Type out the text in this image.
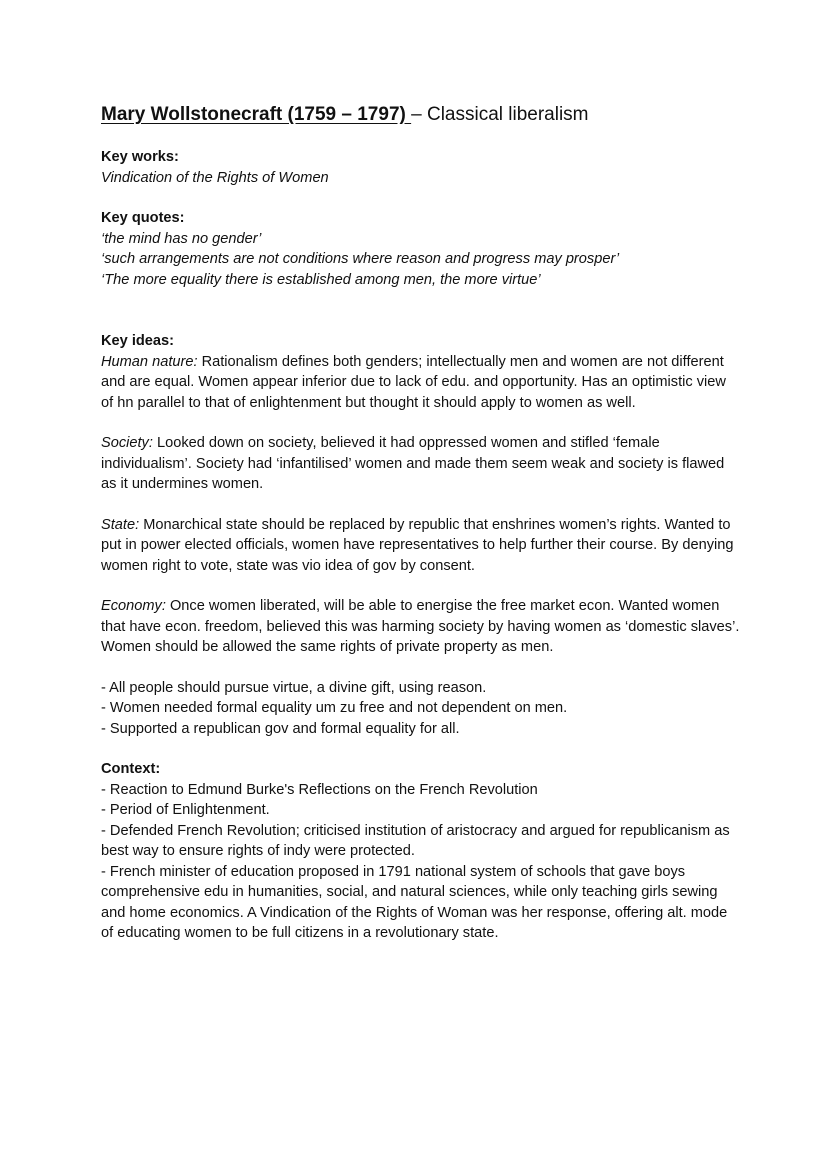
Mary Wollstonecraft (1759 – 1797) – Classical liberalism

Key works:

Vindication of the Rights of Women

Key quotes:

‘the mind has no gender’

‘such arrangements are not conditions where reason and progress may prosper’

‘The more equality there is established among men, the more virtue’

Key ideas:

Human nature: Rationalism defines both genders; intellectually men and women are not different and are equal. Women appear inferior due to lack of edu. and opportunity. Has an optimistic view of hn parallel to that of enlightenment but thought it should apply to women as well.

Society: Looked down on society, believed it had oppressed women and stifled ‘female individualism’. Society had ‘infantilised’ women and made them seem weak and society is flawed as it undermines women.

State: Monarchical state should be replaced by republic that enshrines women’s rights. Wanted to put in power elected officials, women have representatives to help further their course. By denying women right to vote, state was vio idea of gov by consent.

Economy: Once women liberated, will be able to energise the free market econ. Wanted women that have econ. freedom, believed this was harming society by having women as ‘domestic slaves’. Women should be allowed the same rights of private property as men.

- All people should pursue virtue, a divine gift, using reason.
- Women needed formal equality um zu free and not dependent on men.
- Supported a republican gov and formal equality for all.

Context:

- Reaction to Edmund Burke's Reflections on the French Revolution
- Period of Enlightenment.
- Defended French Revolution; criticised institution of aristocracy and argued for republicanism as best way to ensure rights of indy were protected.
- French minister of education proposed in 1791 national system of schools that gave boys comprehensive edu in humanities, social, and natural sciences, while only teaching girls sewing and home economics. A Vindication of the Rights of Woman was her response, offering alt. mode of educating women to be full citizens in a revolutionary state.
